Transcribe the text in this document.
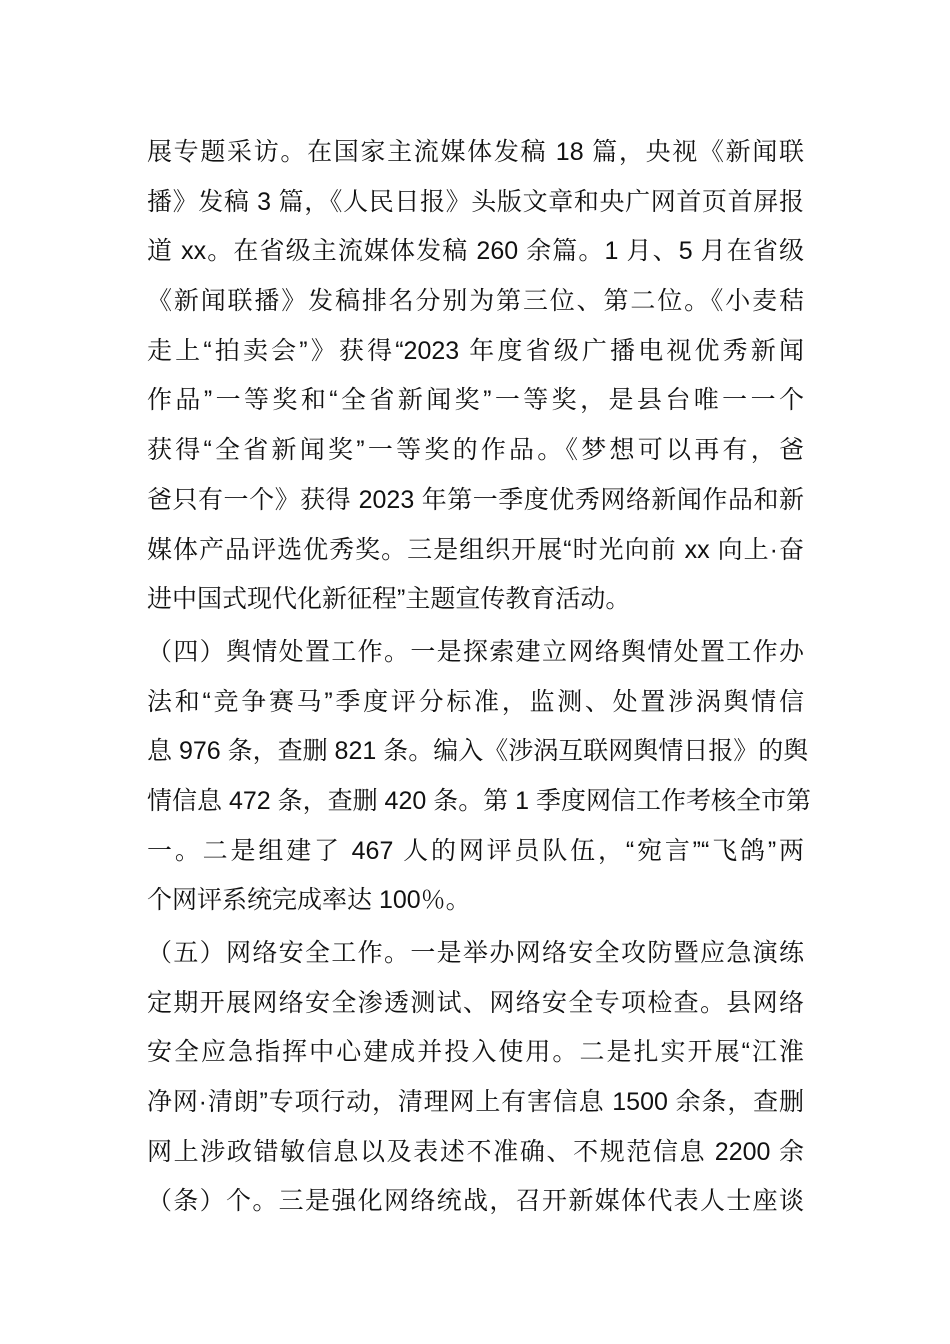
展专题采访。在国家主流媒体发稿 18 篇，央视《新闻联
播》发稿 3 篇，《人民日报》头版文章和央广网首页首屏报
道 xx。在省级主流媒体发稿 260 余篇。1 月、5 月在省级
《新闻联播》发稿排名分别为第三位、第二位。《小麦秸
走上“拍卖会”》获得“2023 年度省级广播电视优秀新闻
作品”一等奖和“全省新闻奖”一等奖，是县台唯一一个
获得“全省新闻奖”一等奖的作品。《梦想可以再有，爸
爸只有一个》获得 2023 年第一季度优秀网络新闻作品和新
媒体产品评选优秀奖。三是组织开展“时光向前 xx 向上·奋
进中国式现代化新征程”主题宣传教育活动。
（四）舆情处置工作。一是探索建立网络舆情处置工作办
法和“竞争赛马”季度评分标准，监测、处置涉涡舆情信
息 976 条，查删 821 条。编入《涉涡互联网舆情日报》的舆
情信息 472 条，查删 420 条。第 1 季度网信工作考核全市第
一。二是组建了 467 人的网评员队伍，“宛言”“飞鸽”两
个网评系统完成率达 100％。
（五）网络安全工作。一是举办网络安全攻防暨应急演练
定期开展网络安全渗透测试、网络安全专项检查。县网络
安全应急指挥中心建成并投入使用。二是扎实开展“江淮
净网·清朗”专项行动，清理网上有害信息 1500 余条，查删
网上涉政错敏信息以及表述不准确、不规范信息 2200 余
（条）个。三是强化网络统战，召开新媒体代表人士座谈
